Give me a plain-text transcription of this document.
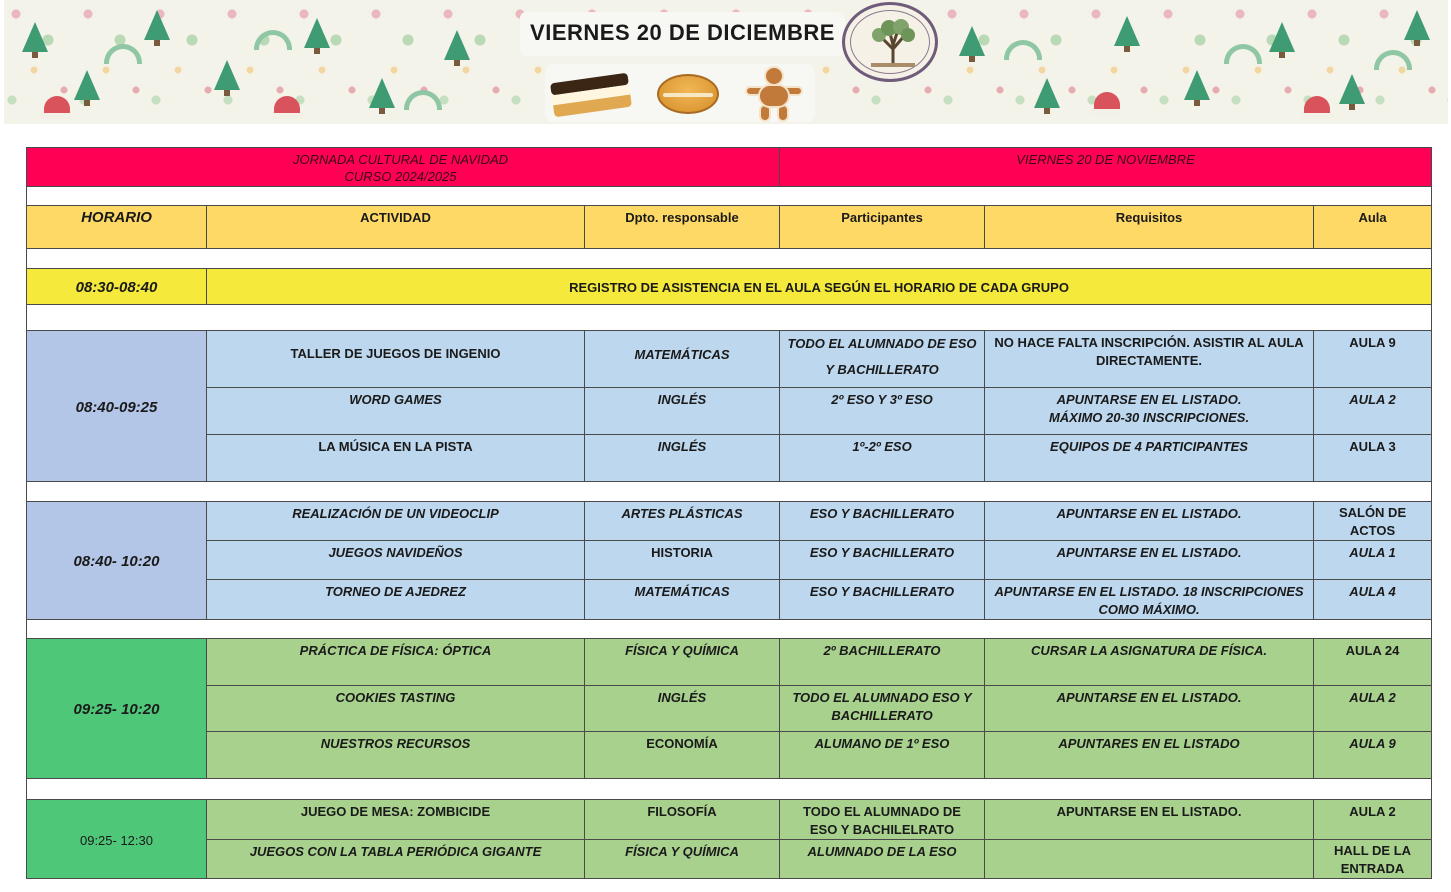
VIERNES 20 DE DICIEMBRE
JORNADA CULTURAL DE NAVIDAD
CURSO 2024/2025			VIERNES 20 DE NOVIEMBRE		

HORARIO	ACTIVIDAD	Dpto. responsable	Participantes	Requisitos	Aula

08:30-08:40	REGISTRO DE ASISTENCIA EN EL AULA SEGÚN EL HORARIO DE CADA GRUPO				

08:40-09:25	TALLER DE JUEGOS DE INGENIO	MATEMÁTICAS	TODO EL ALUMNADO DE ESO Y BACHILLERATO	NO HACE FALTA INSCRIPCIÓN. ASISTIR AL AULA DIRECTAMENTE.	AULA 9
	WORD GAMES	INGLÉS	2º ESO Y 3º ESO	APUNTARSE EN EL LISTADO. MÁXIMO 20-30 INSCRIPCIONES.	AULA 2
	LA MÚSICA EN LA PISTA	INGLÉS	1º-2º ESO	EQUIPOS DE 4 PARTICIPANTES	AULA 3

08:40- 10:20	REALIZACIÓN DE UN VIDEOCLIP	ARTES PLÁSTICAS	ESO Y BACHILLERATO	APUNTARSE EN EL LISTADO.	SALÓN DE ACTOS
	JUEGOS NAVIDEÑOS	HISTORIA	ESO Y BACHILLERATO	APUNTARSE EN EL LISTADO.	AULA 1
	TORNEO DE AJEDREZ	MATEMÁTICAS	ESO Y BACHILLERATO	APUNTARSE EN EL LISTADO. 18 INSCRIPCIONES COMO MÁXIMO.	AULA 4

09:25- 10:20	PRÁCTICA DE FÍSICA: ÓPTICA	FÍSICA Y QUÍMICA	2º BACHILLERATO	CURSAR LA ASIGNATURA DE FÍSICA.	AULA 24
	COOKIES TASTING	INGLÉS	TODO EL ALUMNADO ESO Y BACHILLERATO	APUNTARSE EN EL LISTADO.	AULA 2
	NUESTROS RECURSOS	ECONOMÍA	ALUMANO DE 1º ESO	APUNTARES EN EL LISTADO	AULA 9

09:25- 12:30	JUEGO DE MESA: ZOMBICIDE	FILOSOFÍA	TODO EL ALUMNADO DE ESO Y BACHILELRATO	APUNTARSE EN EL LISTADO.	AULA 2
	JUEGOS CON LA TABLA PERIÓDICA GIGANTE	FÍSICA Y QUÍMICA	ALUMNADO DE LA ESO		HALL DE LA ENTRADA
